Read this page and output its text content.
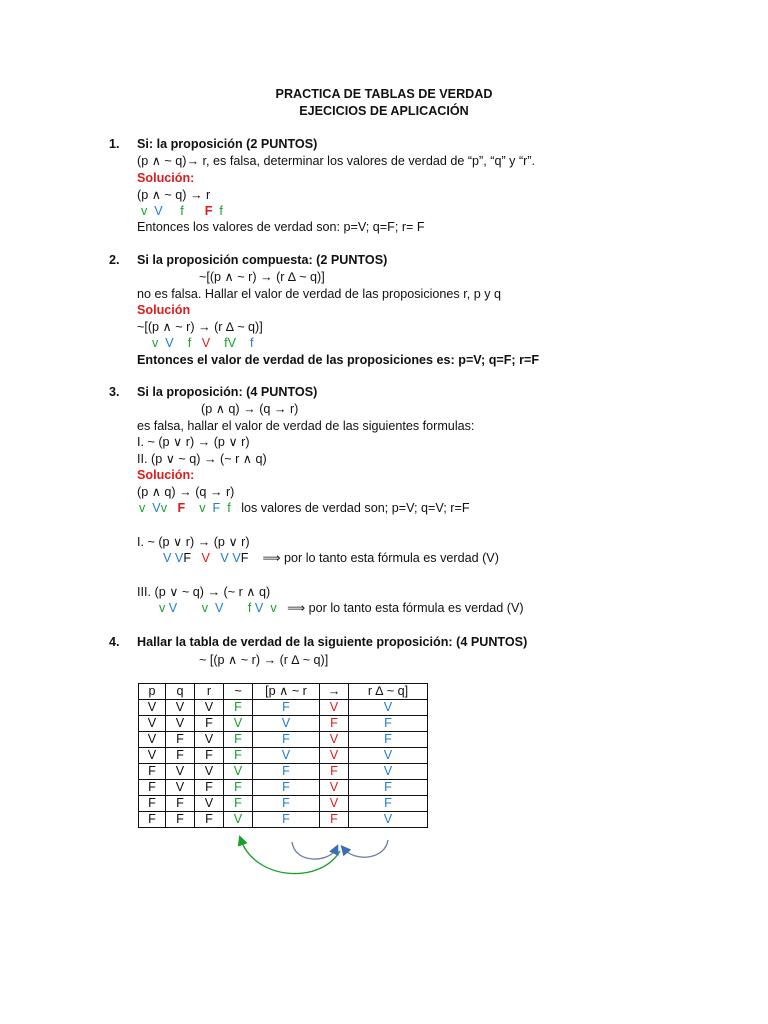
PRACTICA DE TABLAS DE VERDAD
EJECICIOS DE APLICACIÓN
1. Si: la proposición (2 PUNTOS)
(p ∧ ~ q)→ r, es falsa, determinar los valores de verdad de “p”, “q” y “r”.
Solución:
(p ∧ ~ q) → r
v V f F f
Entonces los valores de verdad son: p=V; q=F; r= F
2. Si la proposición compuesta: (2 PUNTOS)
~[(p ∧ ~ r) → (r ∆ ~ q)]
no es falsa. Hallar el valor de verdad de las proposiciones r, p y q
Solución
~[(p ∧ ~ r) → (r ∆ ~ q)]
v V f V fV f
Entonces el valor de verdad de las proposiciones es: p=V; q=F; r=F
3. Si la proposición: (4 PUNTOS)
(p ∧ q) → (q → r)
es falsa, hallar el valor de verdad de las siguientes formulas:
I. ~ (p ∨ r) → (p ∨ r)
II. (p ∨ ~ q) → (~ r ∧ q)
Solución:
(p ∧ q) → (q → r)
v Vv F v F f los valores de verdad son; p=V; q=V; r=F
I. ~ (p ∨ r) → (p ∨ r)
V VF V V VF ⟹ por lo tanto esta fórmula es verdad (V)
III. (p ∨ ~ q) → (~ r ∧ q)
v V v V f V v ⟹ por lo tanto esta fórmula es verdad (V)
4. Hallar la tabla de verdad de la siguiente proposición: (4 PUNTOS)
~ [(p ∧ ~ r) → (r ∆ ~ q)]
p	q	r	~	[p ∧ ~ r	→	r ∆ ~ q]
V	V	V	F	F	V	V
V	V	F	V	V	F	F
V	F	V	F	F	V	F
V	F	F	F	V	V	V
F	V	V	V	F	F	V
F	V	F	F	F	V	F
F	F	V	F	F	V	F
F	F	F	V	F	F	V
